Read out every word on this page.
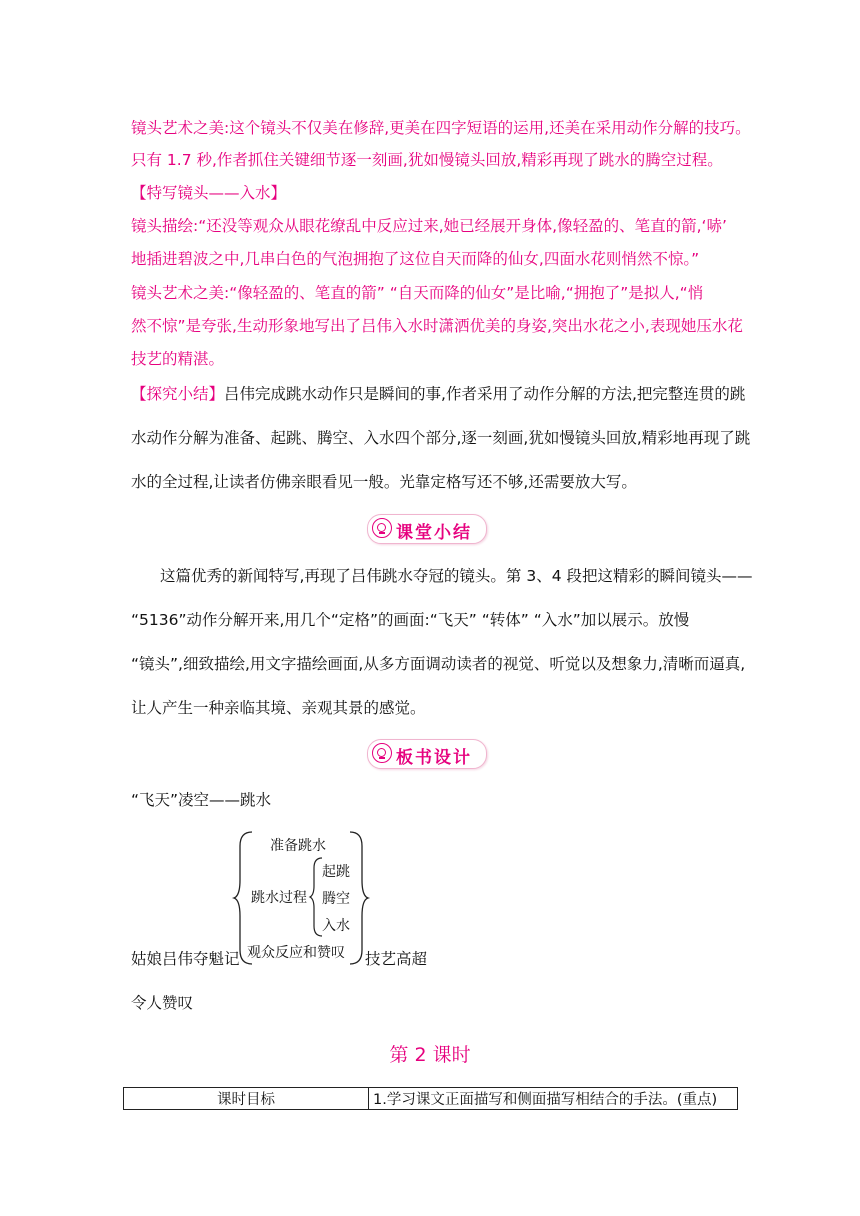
镜头艺术之美:这个镜头不仅美在修辞,更美在四字短语的运用,还美在采用动作分解的技巧。
只有 1.7 秒,作者抓住关键细节逐一刻画,犹如慢镜头回放,精彩再现了跳水的腾空过程。
【特写镜头——入水】
镜头描绘:“还没等观众从眼花缭乱中反应过来,她已经展开身体,像轻盈的、笔直的箭,‘哧’
地插进碧波之中,几串白色的气泡拥抱了这位自天而降的仙女,四面水花则悄然不惊。”
镜头艺术之美:“像轻盈的、笔直的箭” “自天而降的仙女”是比喻,“拥抱了”是拟人,“悄
然不惊”是夸张,生动形象地写出了吕伟入水时潇洒优美的身姿,突出水花之小,表现她压水花
技艺的精湛。
【探究小结】吕伟完成跳水动作只是瞬间的事,作者采用了动作分解的方法,把完整连贯的跳
水动作分解为准备、起跳、腾空、入水四个部分,逐一刻画,犹如慢镜头回放,精彩地再现了跳
水的全过程,让读者仿佛亲眼看见一般。光靠定格写还不够,还需要放大写。
课堂小结
这篇优秀的新闻特写,再现了吕伟跳水夺冠的镜头。第 3、4 段把这精彩的瞬间镜头——
“5136”动作分解开来,用几个“定格”的画面:“飞天” “转体” “入水”加以展示。放慢
“镜头”,细致描绘,用文字描绘画面,从多方面调动读者的视觉、听觉以及想象力,清晰而逼真,
让人产生一种亲临其境、亲观其景的感觉。
板书设计
“飞天”凌空——跳水
准备跳水
跳水过程
起跳
腾空
入水
观众反应和赞叹
姑娘吕伟夺魁记	技艺高超
令人赞叹
第 2 课时
课时目标	1.学习课文正面描写和侧面描写相结合的手法。(重点)
